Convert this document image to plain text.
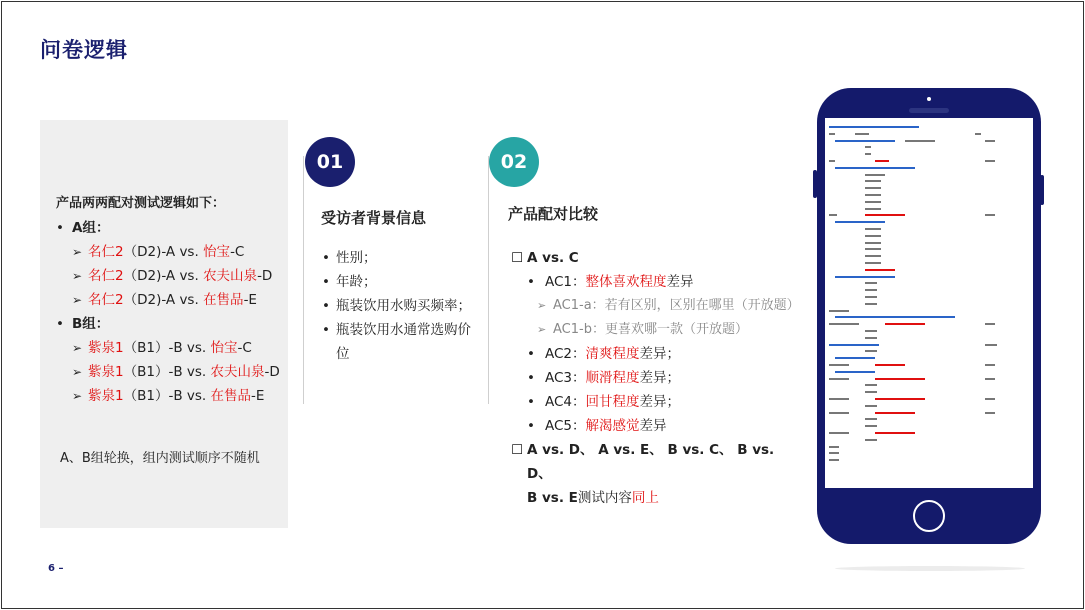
问卷逻辑
产品两两配对测试逻辑如下：
• A组：
➢ 名仁2（D2)-A vs. 怡宝-C
➢ 名仁2（D2)-A vs. 农夫山泉-D
➢ 名仁2（D2)-A vs. 在售品-E
• B组：
➢ 紫泉1（B1）-B vs. 怡宝-C
➢ 紫泉1（B1）-B vs. 农夫山泉-D
➢ 紫泉1（B1）-B vs. 在售品-E
A、B组轮换，组内测试顺序不随机
01
受访者背景信息
• 性别；
• 年龄；
• 瓶装饮用水购买频率；
• 瓶装饮用水通常选购价位
02
产品配对比较
☐ A vs. C
• AC1：整体喜欢程度差异
➢ AC1-a：若有区别，区别在哪里（开放题）
➢ AC1-b：更喜欢哪一款（开放题）
• AC2：清爽程度差异；
• AC3：顺滑程度差异；
• AC4：回甘程度差异；
• AC5：解渴感觉差异
☐ A vs. D、 A vs. E、 B vs. C、 B vs. D、
B vs. E 测试内容 同上
6 –
